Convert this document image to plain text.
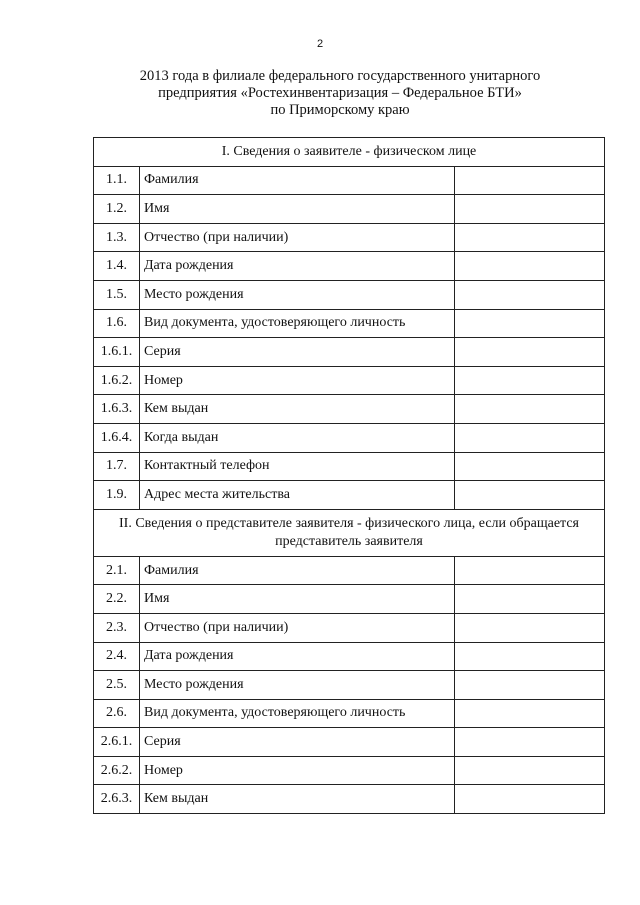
2
2013 года в филиале федерального государственного унитарного
предприятия «Ростехинвентаризация – Федеральное БТИ»
по Приморскому краю
I. Сведения о заявителе - физическом лице		
1.1.	Фамилия	
1.2.	Имя	
1.3.	Отчество (при наличии)	
1.4.	Дата рождения	
1.5.	Место рождения	
1.6.	Вид документа, удостоверяющего личность	
1.6.1.	Серия	
1.6.2.	Номер	
1.6.3.	Кем выдан	
1.6.4.	Когда выдан	
1.7.	Контактный телефон	
1.9.	Адрес места жительства	

II. Сведения о представителе заявителя - физического лица, если обращается
представитель заявителя		

2.1.	Фамилия	
2.2.	Имя	
2.3.	Отчество (при наличии)	
2.4.	Дата рождения	
2.5.	Место рождения	
2.6.	Вид документа, удостоверяющего личность	
2.6.1.	Серия	
2.6.2.	Номер	
2.6.3.	Кем выдан	
